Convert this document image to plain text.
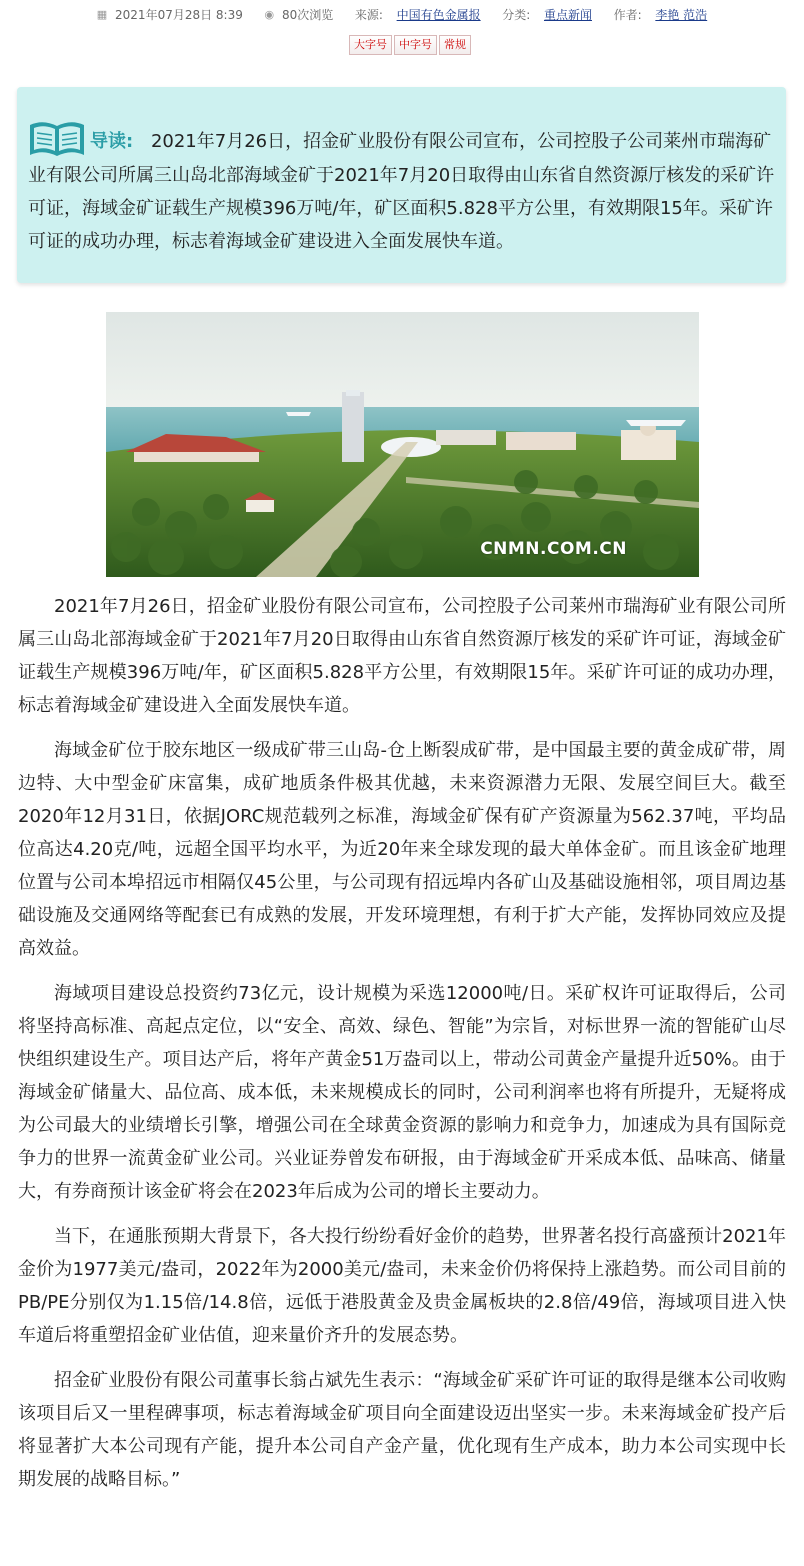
▦ 2021年07月28日 8:39 ◉ 80次浏览 来源: 中国有色金属报 分类: 重点新闻 作者: 李艳 范浩
大字号	中字号	常规
导读: 2021年7月26日，招金矿业股份有限公司宣布，公司控股子公司莱州市瑞海矿业有限公司所属三山岛北部海域金矿于2021年7月20日取得由山东省自然资源厅核发的采矿许可证，海域金矿证载生产规模396万吨/年，矿区面积5.828平方公里，有效期限15年。采矿许可证的成功办理，标志着海域金矿建设进入全面发展快车道。
CNMN.COM.CN

2021年7月26日，招金矿业股份有限公司宣布，公司控股子公司莱州市瑞海矿业有限公司所属三山岛北部海域金矿于2021年7月20日取得由山东省自然资源厅核发的采矿许可证，海域金矿证载生产规模396万吨/年，矿区面积5.828平方公里，有效期限15年。采矿许可证的成功办理，标志着海域金矿建设进入全面发展快车道。

海域金矿位于胶东地区一级成矿带三山岛-仓上断裂成矿带，是中国最主要的黄金成矿带，周边特、大中型金矿床富集，成矿地质条件极其优越，未来资源潜力无限、发展空间巨大。截至2020年12月31日，依据JORC规范载列之标准，海域金矿保有矿产资源量为562.37吨，平均品位高达4.20克/吨，远超全国平均水平，为近20年来全球发现的最大单体金矿。而且该金矿地理位置与公司本埠招远市相隔仅45公里，与公司现有招远埠内各矿山及基础设施相邻，项目周边基础设施及交通网络等配套已有成熟的发展，开发环境理想，有利于扩大产能，发挥协同效应及提高效益。

海域项目建设总投资约73亿元，设计规模为采选12000吨/日。采矿权许可证取得后，公司将坚持高标准、高起点定位，以“安全、高效、绿色、智能”为宗旨，对标世界一流的智能矿山尽快组织建设生产。项目达产后，将年产黄金51万盎司以上，带动公司黄金产量提升近50%。由于海域金矿储量大、品位高、成本低，未来规模成长的同时，公司利润率也将有所提升，无疑将成为公司最大的业绩增长引擎，增强公司在全球黄金资源的影响力和竞争力，加速成为具有国际竞争力的世界一流黄金矿业公司。兴业证券曾发布研报，由于海域金矿开采成本低、品味高、储量大，有券商预计该金矿将会在2023年后成为公司的增长主要动力。

当下，在通胀预期大背景下，各大投行纷纷看好金价的趋势，世界著名投行高盛预计2021年金价为1977美元/盎司，2022年为2000美元/盎司，未来金价仍将保持上涨趋势。而公司目前的PB/PE分别仅为1.15倍/14.8倍，远低于港股黄金及贵金属板块的2.8倍/49倍，海域项目进入快车道后将重塑招金矿业估值，迎来量价齐升的发展态势。

招金矿业股份有限公司董事长翁占斌先生表示：“海域金矿采矿许可证的取得是继本公司收购该项目后又一里程碑事项，标志着海域金矿项目向全面建设迈出坚实一步。未来海域金矿投产后将显著扩大本公司现有产能，提升本公司自产金产量，优化现有生产成本，助力本公司实现中长期发展的战略目标。”
